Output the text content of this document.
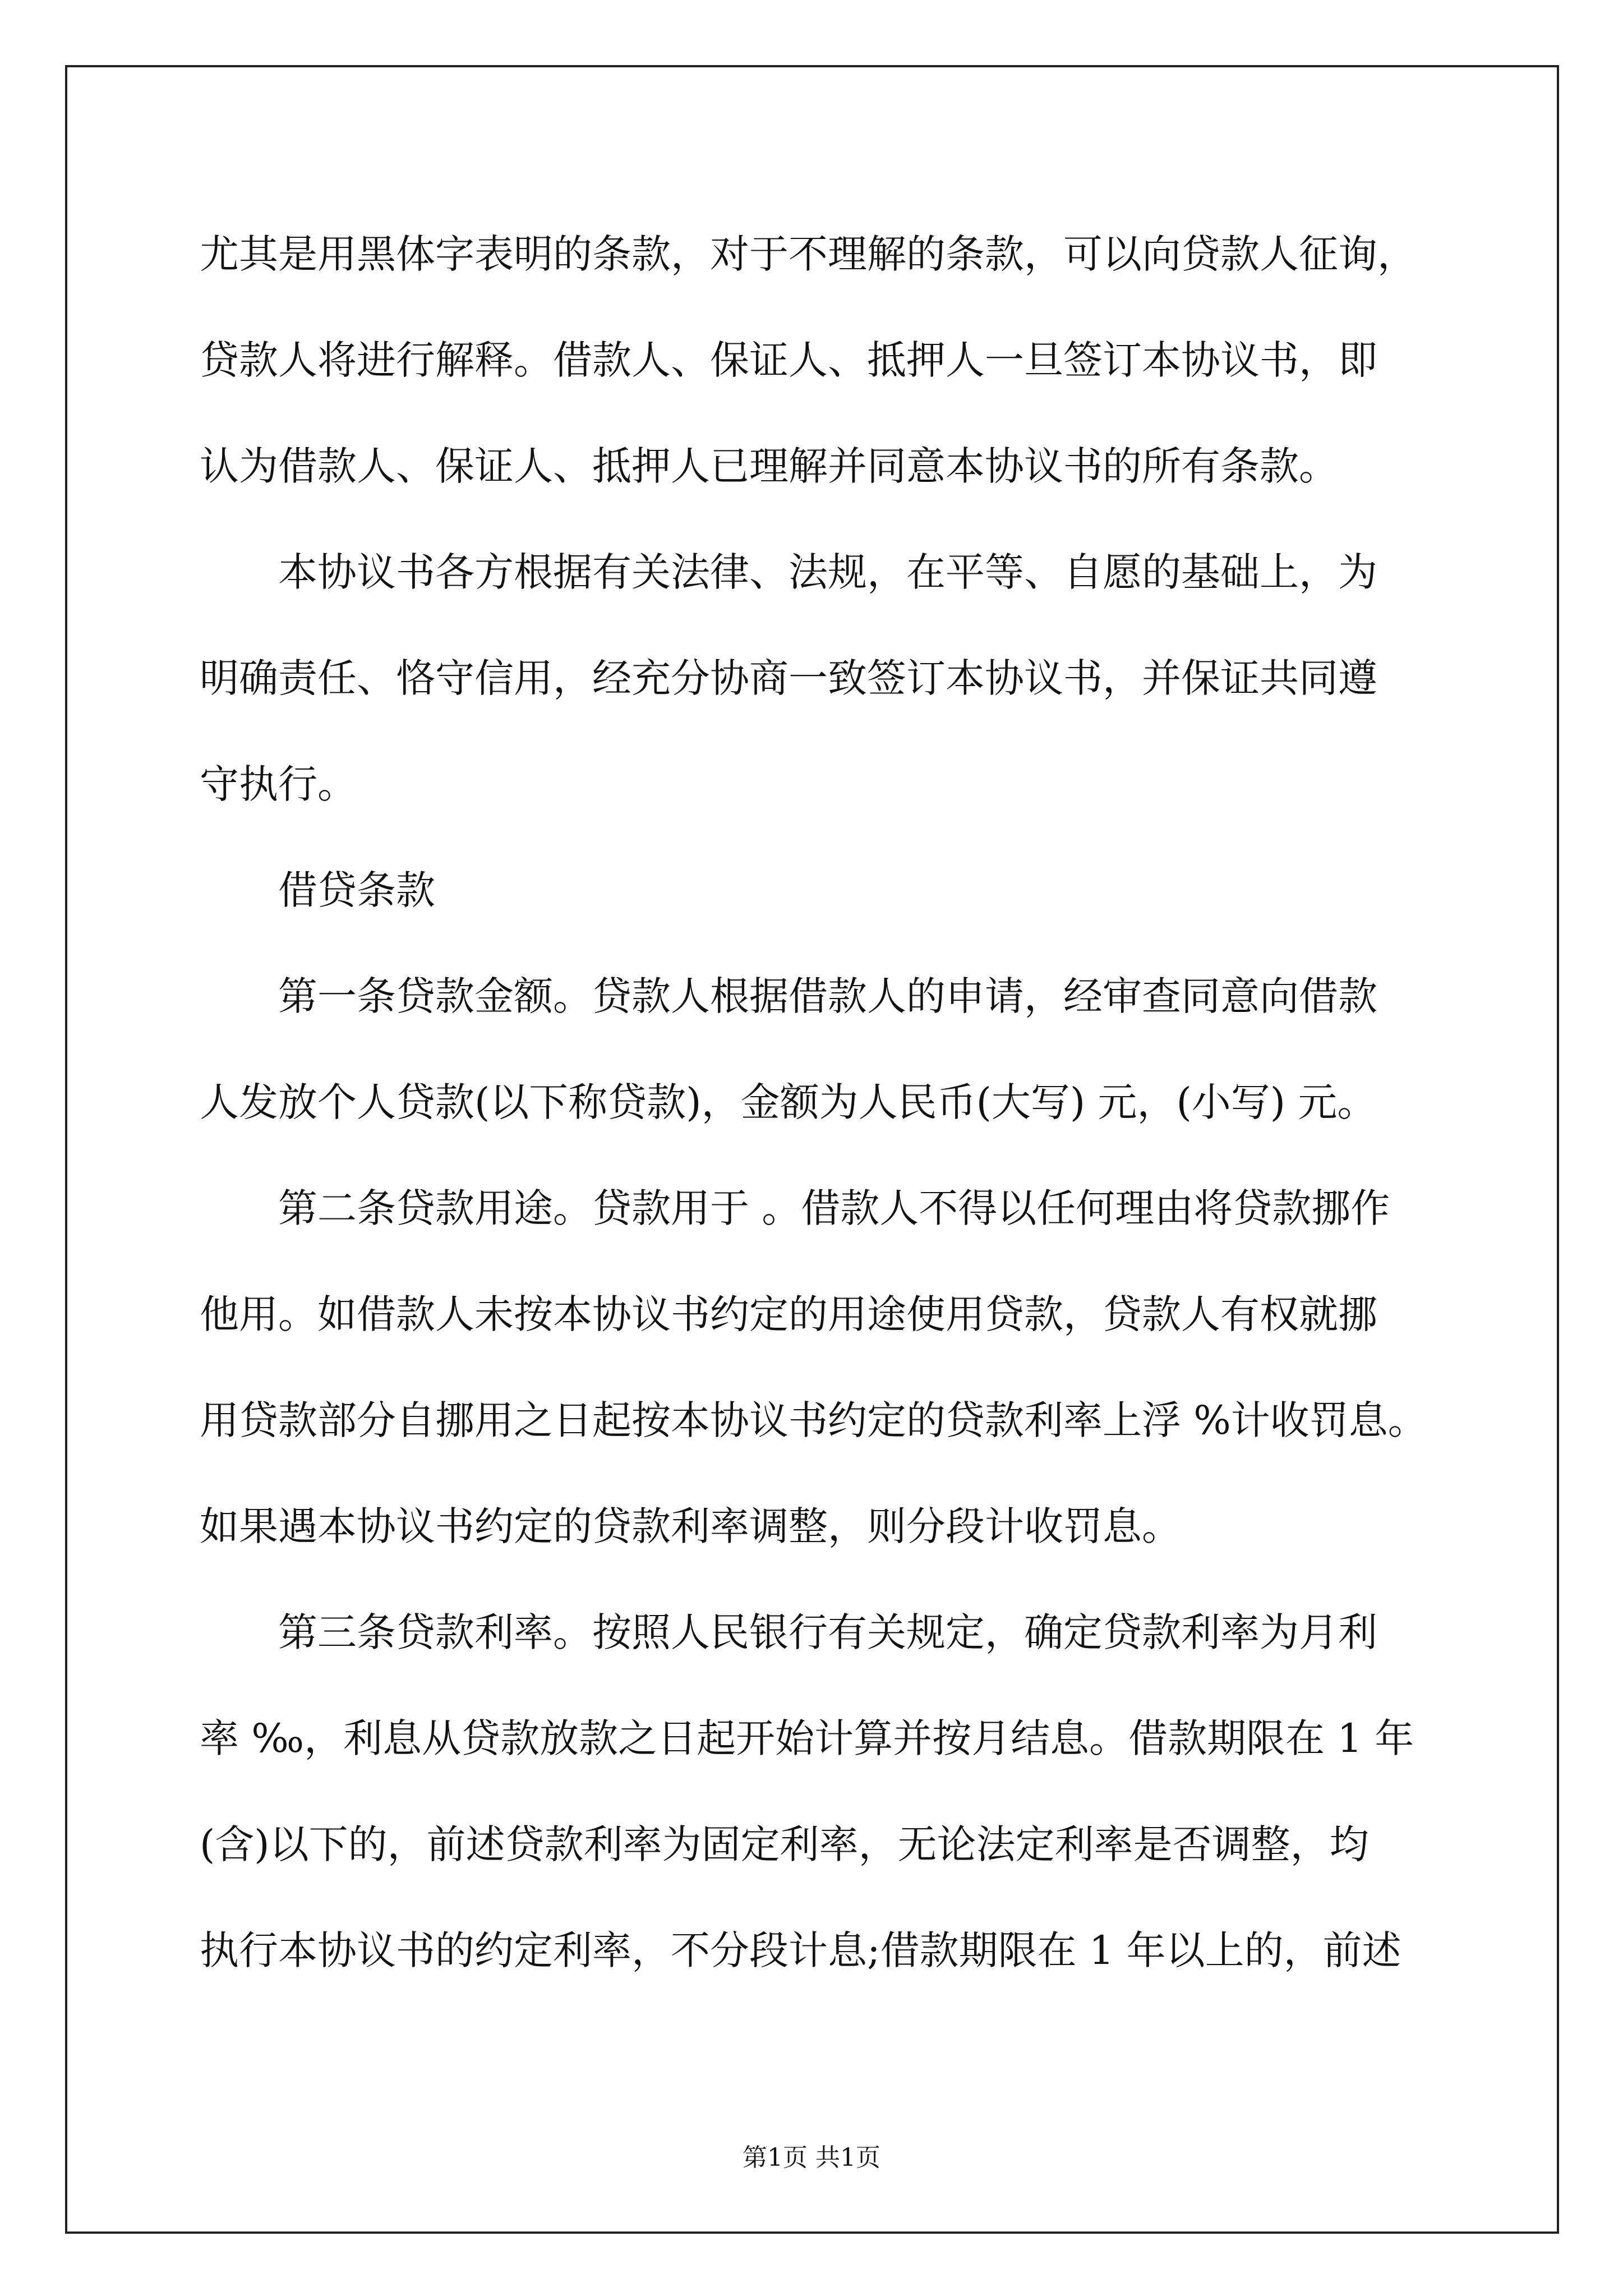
尤其是用黑体字表明的条款，对于不理解的条款，可以向贷款人征询，
贷款人将进行解释。借款人、保证人、抵押人一旦签订本协议书，即
认为借款人、保证人、抵押人已理解并同意本协议书的所有条款。
本协议书各方根据有关法律、法规，在平等、自愿的基础上，为
明确责任、恪守信用，经充分协商一致签订本协议书，并保证共同遵
守执行。
借贷条款
第一条贷款金额。贷款人根据借款人的申请，经审查同意向借款
人发放个人贷款(以下称贷款)，金额为人民币(大写) 元，(小写) 元。
第二条贷款用途。贷款用于 。借款人不得以任何理由将贷款挪作
他用。如借款人未按本协议书约定的用途使用贷款，贷款人有权就挪
用贷款部分自挪用之日起按本协议书约定的贷款利率上浮 %计收罚息。
如果遇本协议书约定的贷款利率调整，则分段计收罚息。
第三条贷款利率。按照人民银行有关规定，确定贷款利率为月利
率 ‰，利息从贷款放款之日起开始计算并按月结息。借款期限在 1 年
(含)以下的，前述贷款利率为固定利率，无论法定利率是否调整，均
执行本协议书的约定利率，不分段计息;借款期限在 1 年以上的，前述
第1页 共1页
